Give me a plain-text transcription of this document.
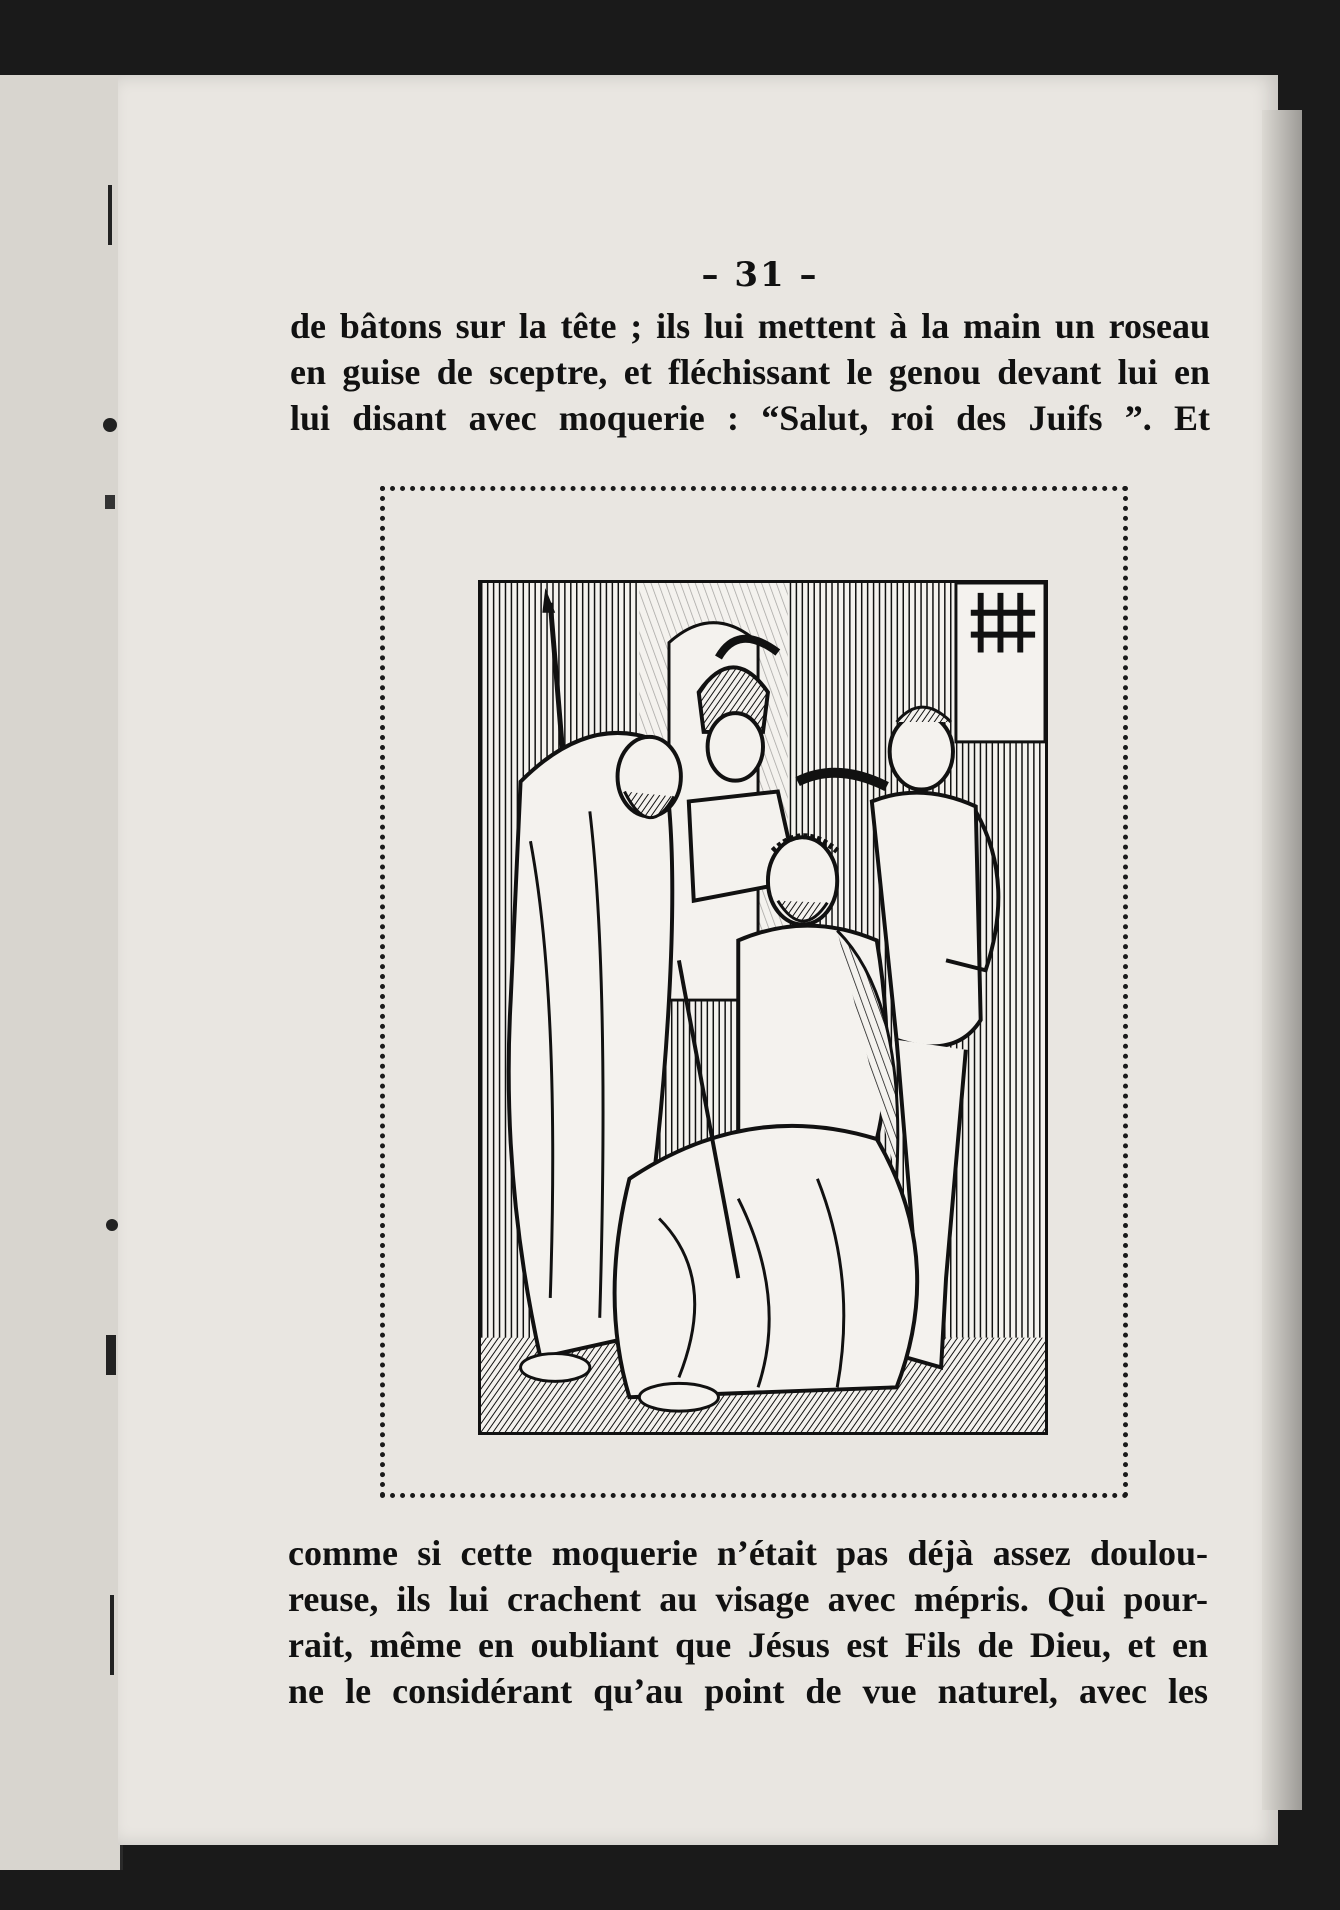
– 31 –
de bâtons sur la tête ; ils lui mettent à la main un roseau
en guise de sceptre, et fléchissant le genou devant lui en
lui disant avec moquerie : “Salut, roi des Juifs ”. Et
comme si cette moquerie n’était pas déjà assez doulou-
reuse, ils lui crachent au visage avec mépris. Qui pour-
rait, même en oubliant que Jésus est Fils de Dieu, et en
ne le considérant qu’au point de vue naturel, avec les
